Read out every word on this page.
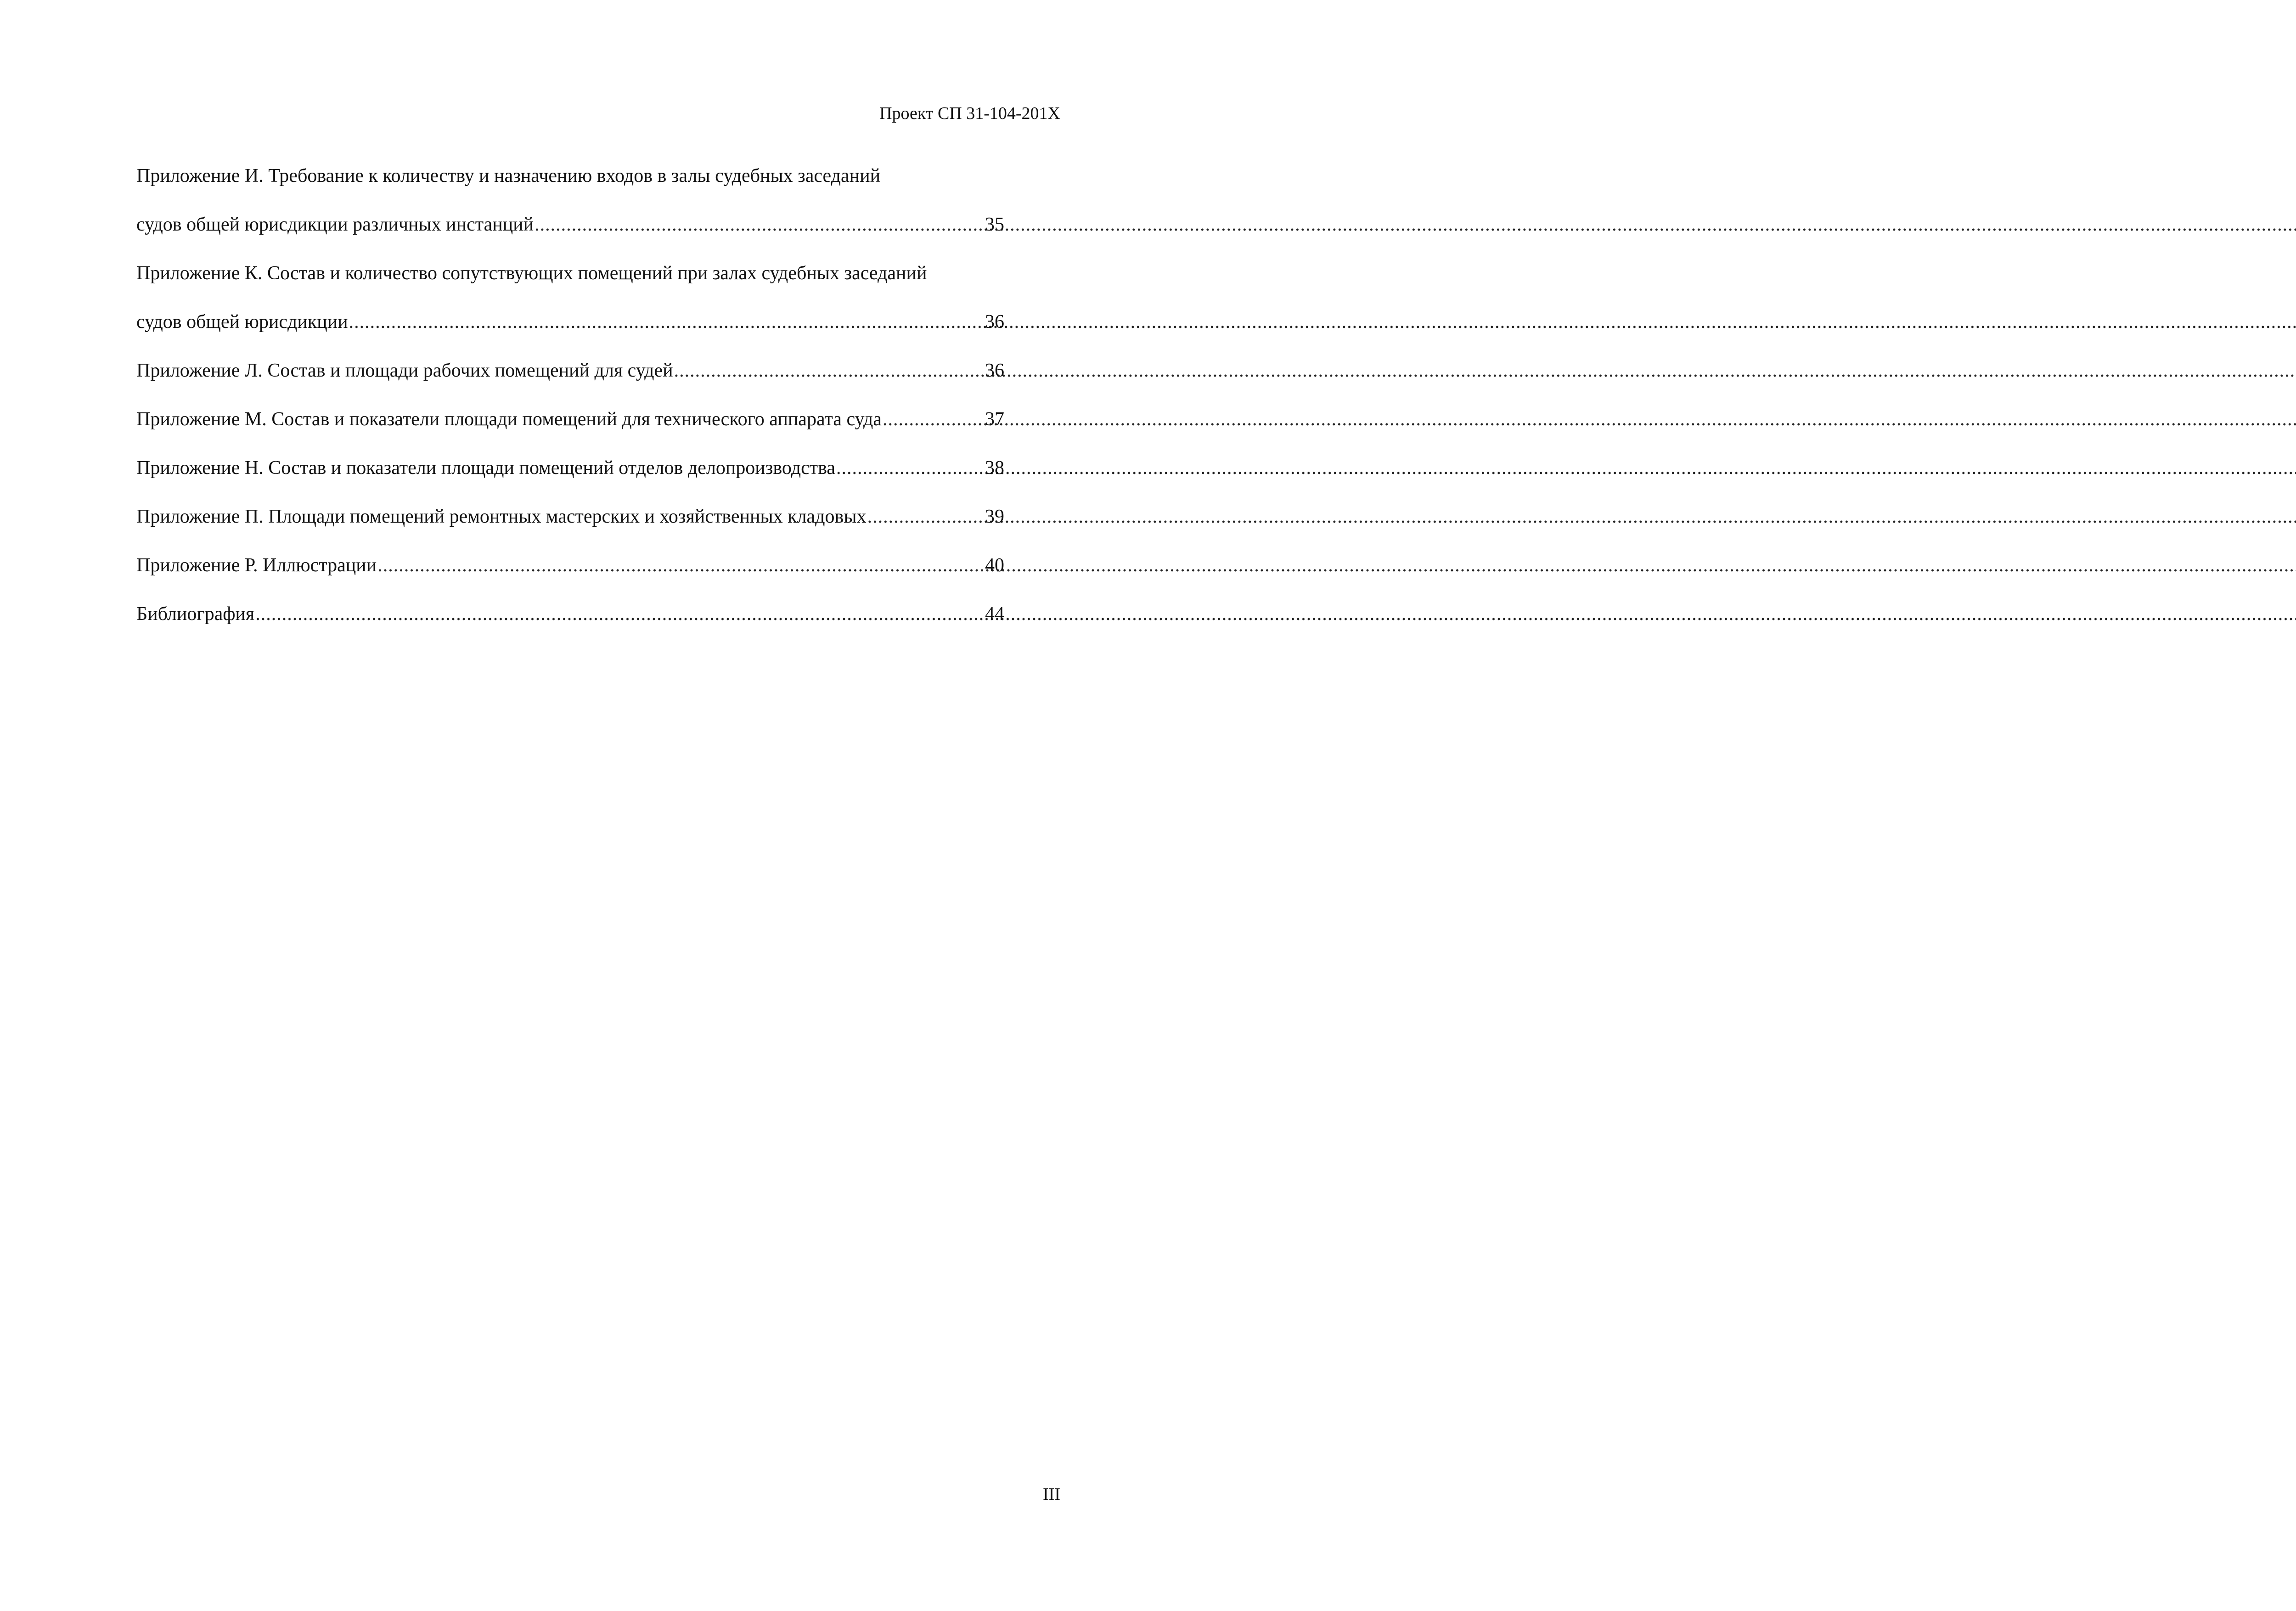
Проект СП 31-104-201Х
Приложение И. Требование к количеству и назначению входов в залы судебных заседаний
судов общей юрисдикции различных инстанций .....	35
Приложение К. Состав и количество сопутствующих помещений при залах судебных заседаний
судов общей юрисдикции .....	36
Приложение Л. Состав и площади рабочих помещений для судей .....	36
Приложение М. Состав и показатели площади помещений для технического аппарата суда .....	37
Приложение Н. Состав и показатели площади помещений отделов делопроизводства .....	38
Приложение П. Площади помещений ремонтных мастерских и хозяйственных кладовых .....	39
Приложение Р. Иллюстрации .....	40
Библиография .....	44
III
